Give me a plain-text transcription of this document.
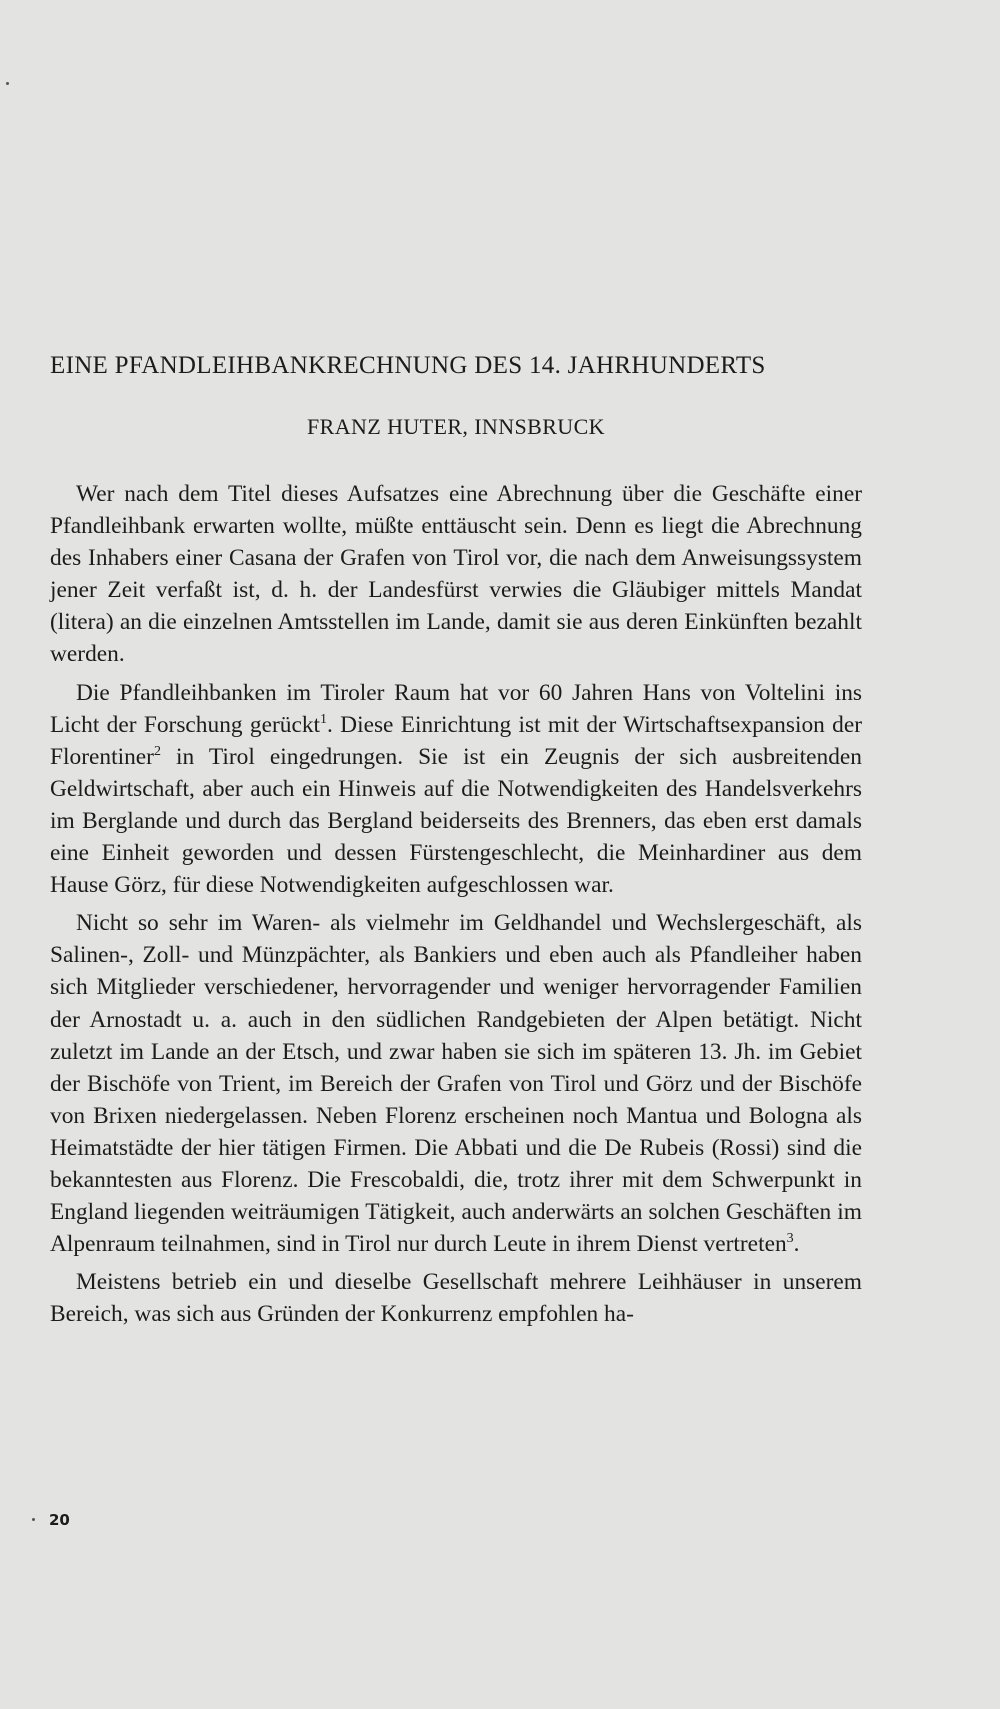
EINE PFANDLEIHBANKRECHNUNG DES 14. JAHRHUNDERTS
FRANZ HUTER, INNSBRUCK

Wer nach dem Titel dieses Aufsatzes eine Abrechnung über die Geschäfte einer Pfandleihbank erwarten wollte, müßte enttäuscht sein. Denn es liegt die Abrechnung des Inhabers einer Casana der Grafen von Tirol vor, die nach dem Anweisungssystem jener Zeit verfaßt ist, d. h. der Landesfürst verwies die Gläubiger mittels Mandat (litera) an die einzelnen Amtsstellen im Lande, damit sie aus deren Einkünften bezahlt werden.

Die Pfandleihbanken im Tiroler Raum hat vor 60 Jahren Hans von Voltelini ins Licht der Forschung gerückt$^1$. Diese Einrichtung ist mit der Wirtschaftsexpansion der Florentiner$^2$ in Tirol eingedrungen. Sie ist ein Zeugnis der sich ausbreitenden Geldwirtschaft, aber auch ein Hinweis auf die Notwendigkeiten des Handelsverkehrs im Berglande und durch das Bergland beiderseits des Brenners, das eben erst damals eine Einheit geworden und dessen Fürstengeschlecht, die Meinhardiner aus dem Hause Görz, für diese Notwendigkeiten aufgeschlossen war.

Nicht so sehr im Waren- als vielmehr im Geldhandel und Wechslergeschäft, als Salinen-, Zoll- und Münzpächter, als Bankiers und eben auch als Pfandleiher haben sich Mitglieder verschiedener, hervorragender und weniger hervorragender Familien der Arnostadt u. a. auch in den südlichen Randgebieten der Alpen betätigt. Nicht zuletzt im Lande an der Etsch, und zwar haben sie sich im späteren 13. Jh. im Gebiet der Bischöfe von Trient, im Bereich der Grafen von Tirol und Görz und der Bischöfe von Brixen niedergelassen. Neben Florenz erscheinen noch Mantua und Bologna als Heimatstädte der hier tätigen Firmen. Die Abbati und die De Rubeis (Rossi) sind die bekanntesten aus Florenz. Die Frescobaldi, die, trotz ihrer mit dem Schwerpunkt in England liegenden weiträumigen Tätigkeit, auch anderwärts an solchen Geschäften im Alpenraum teilnahmen, sind in Tirol nur durch Leute in ihrem Dienst vertreten$^3$.

Meistens betrieb ein und dieselbe Gesellschaft mehrere Leihhäuser in unserem Bereich, was sich aus Gründen der Konkurrenz empfohlen ha-

20
